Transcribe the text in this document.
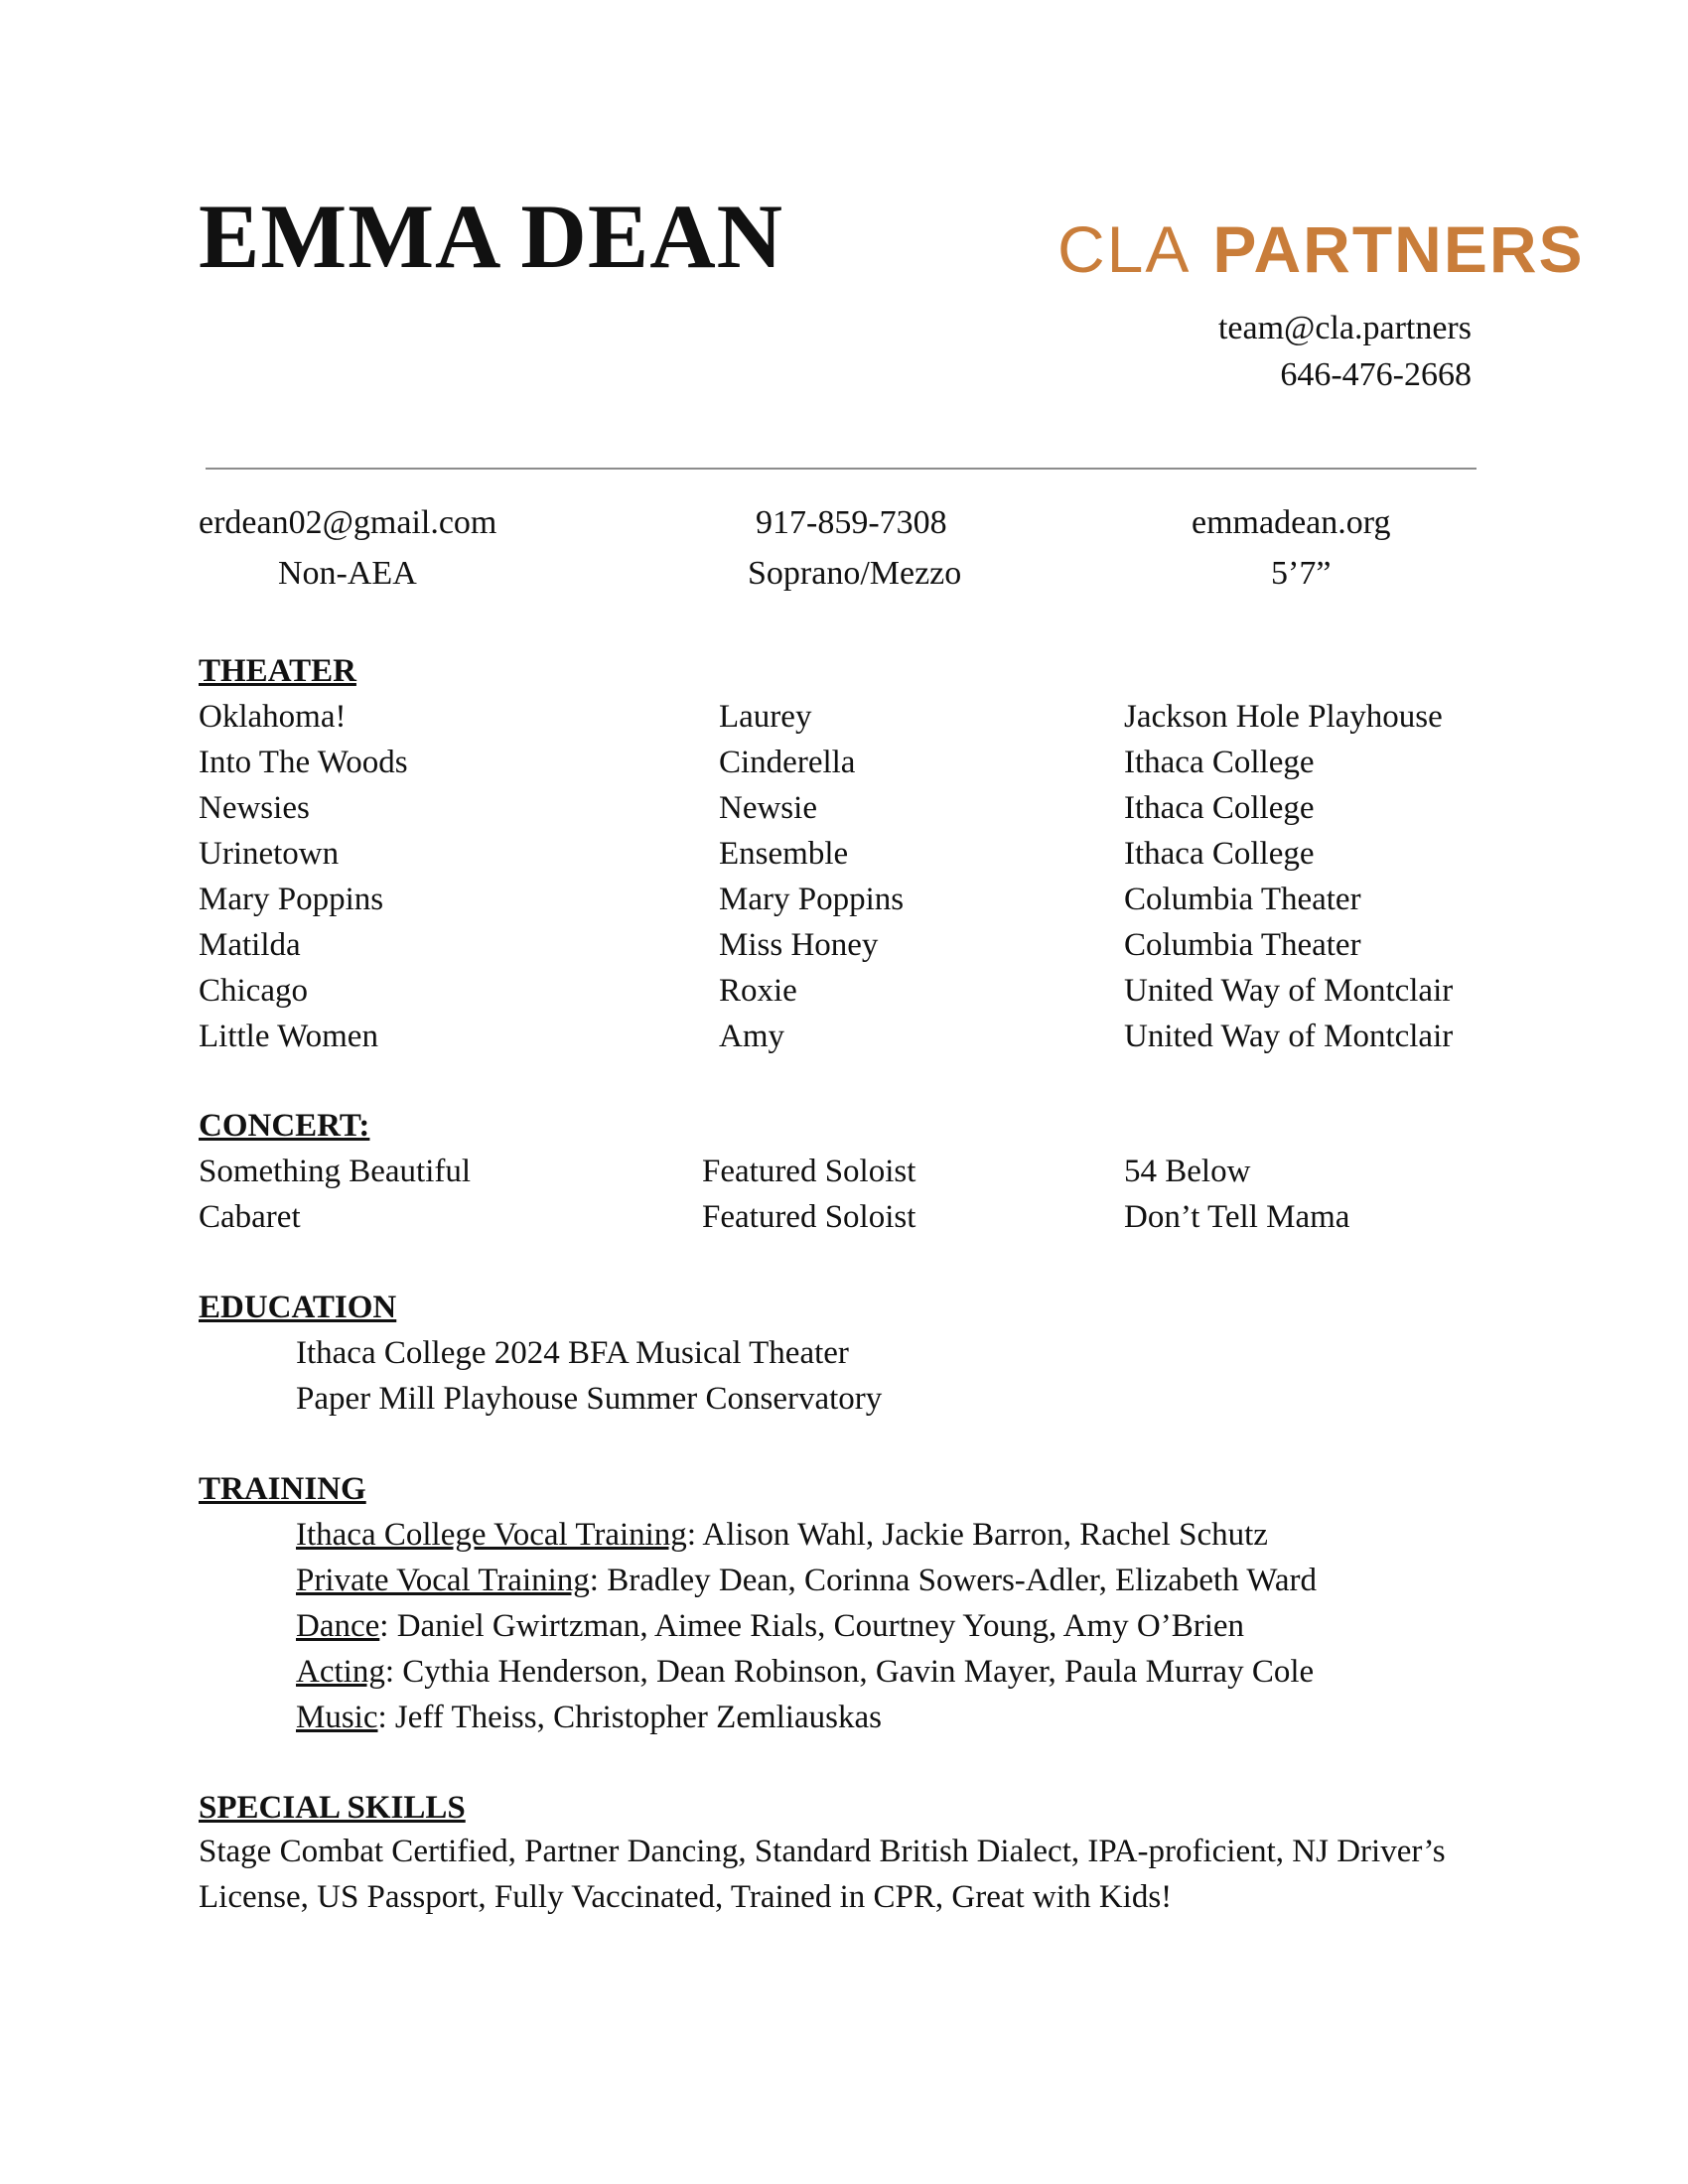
EMMA DEAN	CLA PARTNERS
team@cla.partners
646-476-2668
erdean02@gmail.com	917-859-7308	emmadean.org
Non-AEA	Soprano/Mezzo	5’7”
THEATER
Oklahoma!	Laurey	Jackson Hole Playhouse
Into The Woods	Cinderella	Ithaca College
Newsies	Newsie	Ithaca College
Urinetown	Ensemble	Ithaca College
Mary Poppins	Mary Poppins	Columbia Theater
Matilda	Miss Honey	Columbia Theater
Chicago	Roxie	United Way of Montclair
Little Women	Amy	United Way of Montclair
CONCERT:
Something Beautiful	Featured Soloist	54 Below
Cabaret	Featured Soloist	Don’t Tell Mama
EDUCATION
Ithaca College 2024 BFA Musical Theater
Paper Mill Playhouse Summer Conservatory
TRAINING
Ithaca College Vocal Training: Alison Wahl, Jackie Barron, Rachel Schutz
Private Vocal Training: Bradley Dean, Corinna Sowers-Adler, Elizabeth Ward
Dance: Daniel Gwirtzman, Aimee Rials, Courtney Young, Amy O’Brien
Acting: Cythia Henderson, Dean Robinson, Gavin Mayer, Paula Murray Cole
Music: Jeff Theiss, Christopher Zemliauskas
SPECIAL SKILLS
Stage Combat Certified, Partner Dancing, Standard British Dialect, IPA-proficient, NJ Driver’s License, US Passport, Fully Vaccinated, Trained in CPR, Great with Kids!
